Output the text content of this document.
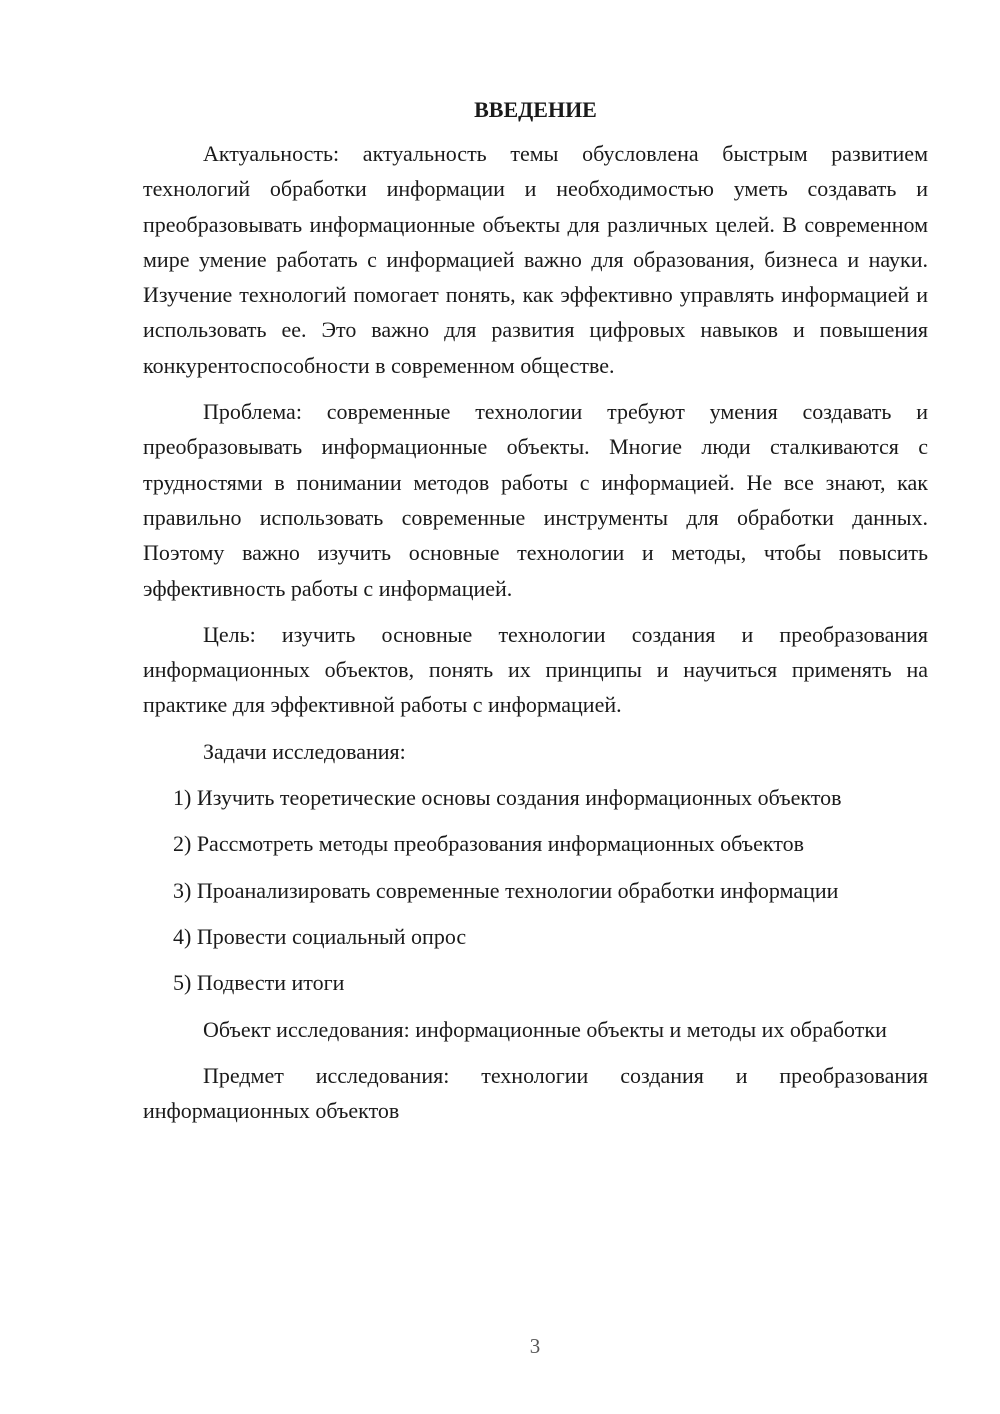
ВВЕДЕНИЕ

Актуальность: актуальность темы обусловлена быстрым развитием технологий обработки информации и необходимостью уметь создавать и преобразовывать информационные объекты для различных целей. В современном мире умение работать с информацией важно для образования, бизнеса и науки. Изучение технологий помогает понять, как эффективно управлять информацией и использовать ее. Это важно для развития цифровых навыков и повышения конкурентоспособности в современном обществе.

Проблема: современные технологии требуют умения создавать и преобразовывать информационные объекты. Многие люди сталкиваются с трудностями в понимании методов работы с информацией. Не все знают, как правильно использовать современные инструменты для обработки данных. Поэтому важно изучить основные технологии и методы, чтобы повысить эффективность работы с информацией.

Цель: изучить основные технологии создания и преобразования информационных объектов, понять их принципы и научиться применять на практике для эффективной работы с информацией.

Задачи исследования:

1) Изучить теоретические основы создания информационных объектов

2) Рассмотреть методы преобразования информационных объектов

3) Проанализировать современные технологии обработки информации

4) Провести социальный опрос

5) Подвести итоги

Объект исследования: информационные объекты и методы их обработки

Предмет исследования: технологии создания и преобразования информационных объектов

3
